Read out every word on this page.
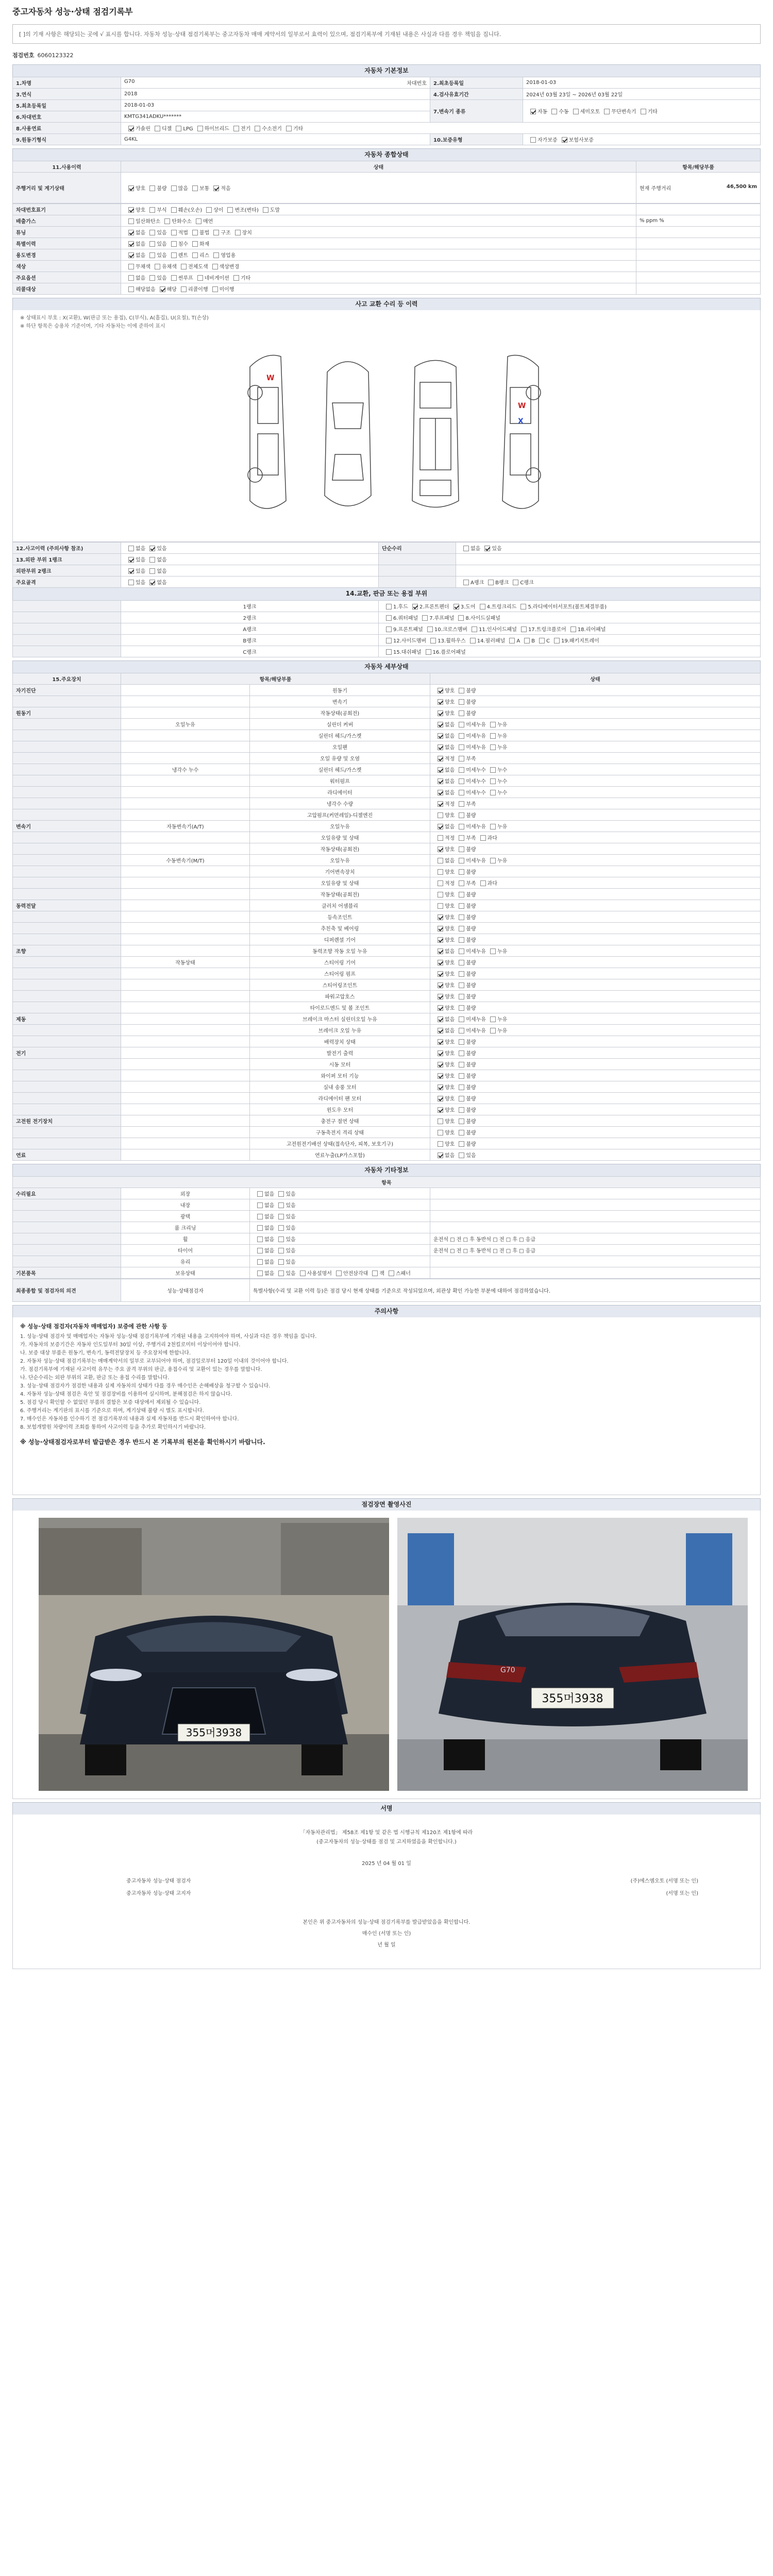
중고자동차 성능·상태 점검기록부
[ ]의 기재 사항은 해당되는 곳에 √ 표시를 합니다. 자동차 성능·상태 점검기록부는 중고자동차 매매 계약서의 일부로서 효력이 있으며, 점검기록부에 기재된 내용은 사실과 다를 경우 책임을 집니다.
점검번호 6060123322
자동차 기본정보
1.차명	G70 차대번호	2.최초등록일	2018-01-03
3.연식	2018	4.검사유효기간	2024년 03월 23일 ~ 2026년 03월 22일
5.최초등록일	2018-01-03	7.변속기 종류	자동 수동 세미오토 무단변속기 기타
6.차대번호	KMTG341ADKU*******		
8.사용연료	가솔린 디젤 LPG 하이브리드 전기 수소전기 기타		
9.원동기형식	G4KL	10.보증유형	자가보증 보험사보증
자동차 종합상태
11.사용이력	상태	항목/해당부품
주행거리 및 계기상태	양호 불량 많음 보통 적음	현재 주행거리 46,500 km

차대번호표기	양호 부식 훼손(오손) 상이 변조(변타) 도말	
배출가스	일산화탄소 탄화수소 매연	% ppm %
튜닝	없음 있음 적법 불법 구조 장치	
특별이력	없음 있음 침수 화재	
용도변경	없음 있음 렌트 리스 영업용	
색상	무채색 유채색 전체도색 색상변경	
주요옵션	없음 있음 썬루프 네비게이션 기타	
리콜대상	해당없음 해당 리콜이행 미이행	
사고 교환 수리 등 이력
※ 상태표시 부호 : X(교환), W(판금 또는 용접), C(부식), A(흠집), U(요철), T(손상)
※ 하단 항목은 승용차 기준이며, 기타 자동차는 이에 준하여 표시
W
X
W
12.사고이력 (주의사항 참조)	없음 있음	단순수리	없음 있음
13.외판 부위 1랭크	있음 없음		
외판부위 2랭크	있음 없음		
주요골격	있음 없음		A랭크 B랭크 C랭크
14.교환, 판금 또는 용접 부위
	1랭크	1.후드 2.프론트펜더 3.도어 4.트렁크리드 5.라디에이터서포트(볼트체결부품)
	2랭크	6.쿼터패널 7.루프패널 8.사이드실패널
	A랭크	9.프론트패널 10.크로스멤버 11.인사이드패널 17.트렁크플로어 18.리어패널
	B랭크	12.사이드멤버 13.휠하우스 14.필러패널 A B C 19.패키지트레이
	C랭크	15.대쉬패널 16.플로어패널
자동차 세부상태
15.주요장치	항목/해당부품		상태
자기진단		원동기	양호 불량
		변속기	양호 불량
원동기		작동상태(공회전)	양호 불량
	오일누유	실린더 커버	없음 미세누유 누유
		실린더 헤드/가스켓	없음 미세누유 누유
		오일팬	없음 미세누유 누유
		오일 유량 및 오염	적정 부족
	냉각수 누수	실린더 헤드/가스켓	없음 미세누수 누수
		워터펌프	없음 미세누수 누수
		라디에이터	없음 미세누수 누수
		냉각수 수량	적정 부족
		고압펌프(커먼레일)-디젤엔진	양호 불량
변속기	자동변속기(A/T)	오일누유	없음 미세누유 누유
		오일유량 및 상태	적정 부족 과다
		작동상태(공회전)	양호 불량
	수동변속기(M/T)	오일누유	없음 미세누유 누유
		기어변속장치	양호 불량
		오일유량 및 상태	적정 부족 과다
		작동상태(공회전)	양호 불량
동력전달		클러치 어셈블리	양호 불량
		등속조인트	양호 불량
		추친축 및 베어링	양호 불량
		디퍼렌셜 기어	양호 불량
조향		동력조향 작동 오일 누유	없음 미세누유 누유
	작동상태	스티어링 기어	양호 불량
		스티어링 펌프	양호 불량
		스티어링조인트	양호 불량
		파워고압호스	양호 불량
		타이로드엔드 및 볼 조인트	양호 불량
제동		브레이크 마스터 실린더오일 누유	없음 미세누유 누유
		브레이크 오일 누유	없음 미세누유 누유
		배력장치 상태	양호 불량
전기		발전기 출력	양호 불량
		시동 모터	양호 불량
		와이퍼 모터 기능	양호 불량
		실내 송풍 모터	양호 불량
		라디에이터 팬 모터	양호 불량
		윈도우 모터	양호 불량
고전원 전기장치		충전구 절연 상태	양호 불량
		구동축전지 격리 상태	양호 불량
		고전원전기배선 상태(접속단자, 피복, 보호기구)	양호 불량
연료		연료누출(LP가스포함)	없음 있음
자동차 기타정보
항목			
수리필요	외장	없음 있음	
	내장	없음 있음	
	광택	없음 있음	
	룸 크리닝	없음 있음	
	휠	없음 있음	운전석 □ 전 □ 후 동반석 □ 전 □ 후 □ 응급
	타이어	없음 있음	운전석 □ 전 □ 후 동반석 □ 전 □ 후 □ 응급
	유리	없음 있음	
기본품목	보유상태	없음 있음 사용설명서 안전삼각대 잭 스패너	
최종종합 및 점검자의 의견	성능·상태점검자	특별사항(수리 및 교환 이력 등)은 점검 당시 현재 상태를 기준으로 작성되었으며, 외관상 확인 가능한 부분에 대하여 점검하였습니다.
주의사항
※ 성능·상태 점검자(자동차 매매업자) 보증에 관한 사항 등
1. 성능·상태 점검자 및 매매업자는 자동차 성능·상태 점검기록부에 기재된 내용을 고지하여야 하며, 사실과 다른 경우 책임을 집니다.
가. 자동차의 보증기간은 자동차 인도일부터 30일 이상, 주행거리 2천킬로미터 이상이어야 합니다.
나. 보증 대상 부품은 원동기, 변속기, 동력전달장치 등 주요장치에 한합니다.
2. 자동차 성능·상태 점검기록부는 매매계약서의 일부로 교부되어야 하며, 점검일로부터 120일 이내의 것이어야 합니다.
가. 점검기록부에 기재된 사고이력 유무는 주요 골격 부위의 판금, 용접수리 및 교환이 있는 경우를 말합니다.
나. 단순수리는 외판 부위의 교환, 판금 또는 용접 수리를 말합니다.
3. 성능·상태 점검자가 점검한 내용과 실제 자동차의 상태가 다를 경우 매수인은 손해배상을 청구할 수 있습니다.
4. 자동차 성능·상태 점검은 육안 및 점검장비를 이용하여 실시하며, 분해점검은 하지 않습니다.
5. 점검 당시 확인할 수 없었던 부품의 결함은 보증 대상에서 제외될 수 있습니다.
6. 주행거리는 계기판의 표시를 기준으로 하며, 계기상태 불량 시 별도 표시합니다.
7. 매수인은 자동차를 인수하기 전 점검기록부의 내용과 실제 자동차를 반드시 확인하여야 합니다.
8. 보험개발원 차량이력 조회를 통하여 사고이력 등을 추가로 확인하시기 바랍니다.
※ 성능·상태점검자로부터 발급받은 경우 반드시 본 기록부의 원본을 확인하시기 바랍니다.
점검장면 촬영사진
355머3938
G70
355머3938
서명
「자동차관리법」 제58조 제1항 및 같은 법 시행규칙 제120조 제1항에 따라
(중고자동차의 성능·상태를 점검 및 고지하였음을 확인합니다.)
2025 년 04 월 01 일
중고자동차 성능·상태 점검자	(주)에스엠오토 (서명 또는 인)
중고자동차 성능·상태 고지자	(서명 또는 인)
본인은 위 중고자동차의 성능·상태 점검기록부를 발급받았음을 확인합니다.
매수인 (서명 또는 인)
년 월 일
